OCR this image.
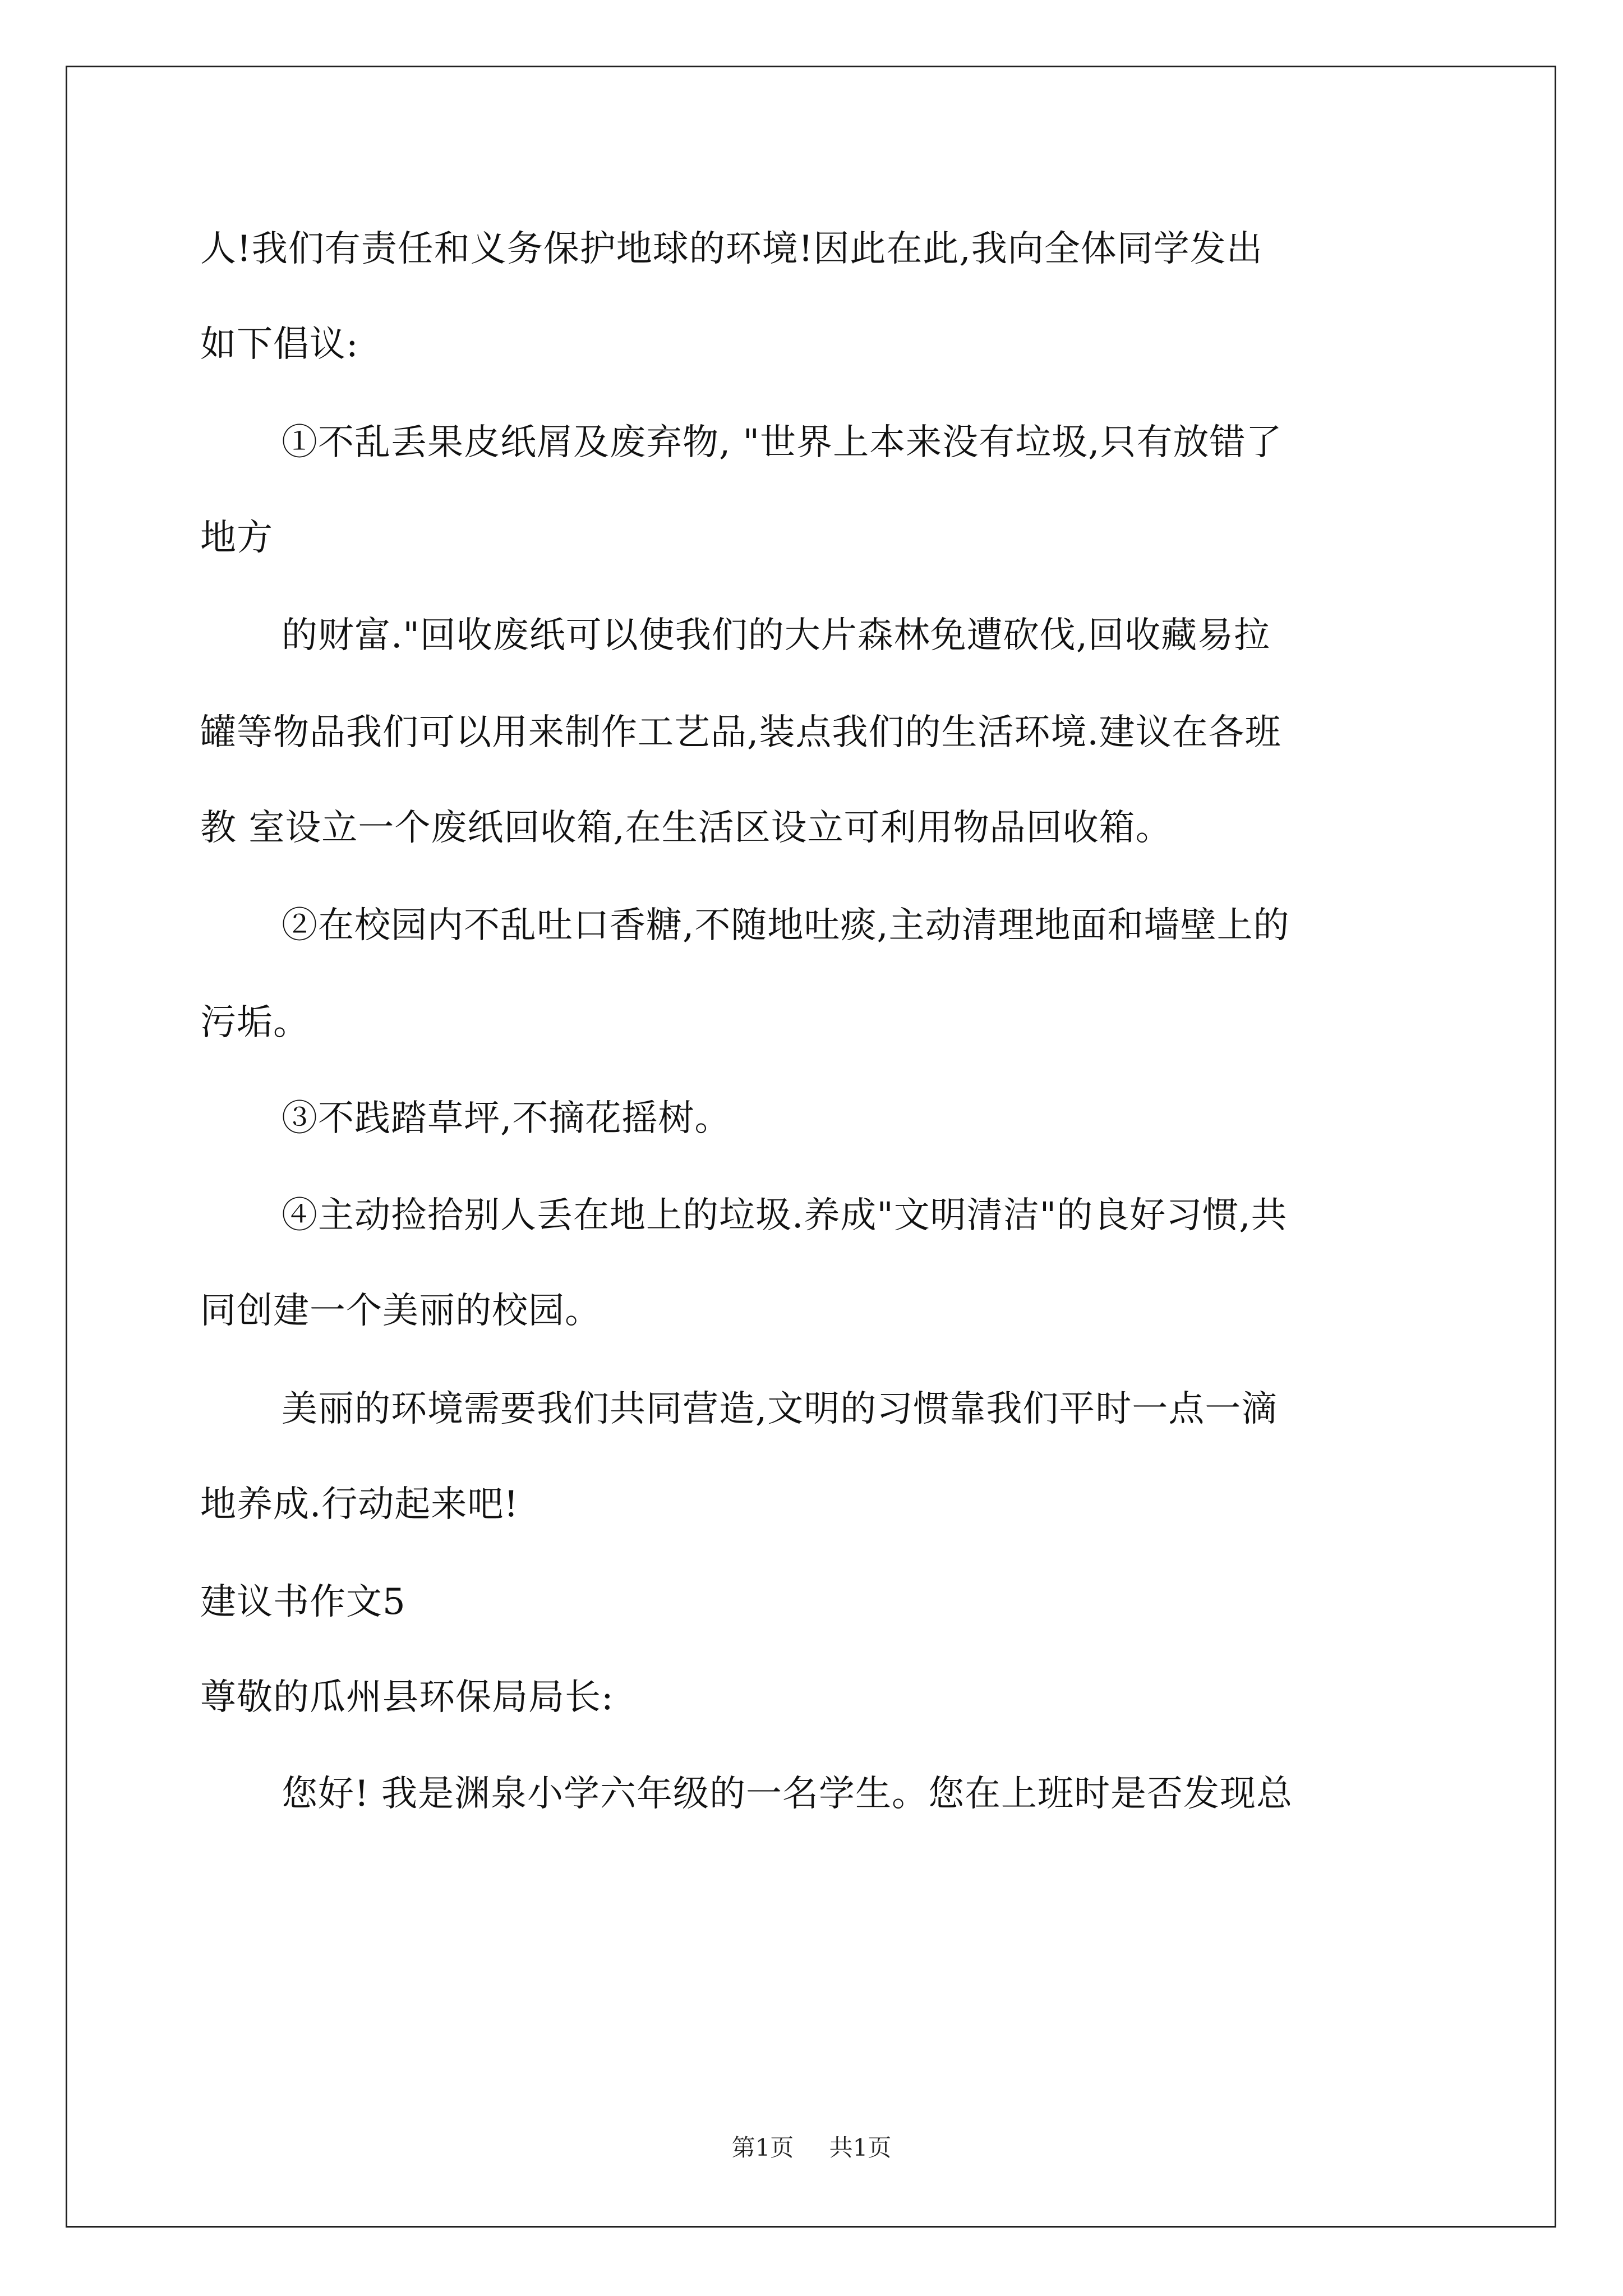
人!我们有责任和义务保护地球的环境!因此在此,我向全体同学发出
如下倡议:
①不乱丢果皮纸屑及废弃物, "世界上本来没有垃圾,只有放错了
地方
的财富."回收废纸可以使我们的大片森林免遭砍伐,回收藏易拉
罐等物品我们可以用来制作工艺品,装点我们的生活环境.建议在各班
教 室设立一个废纸回收箱,在生活区设立可利用物品回收箱。
②在校园内不乱吐口香糖,不随地吐痰,主动清理地面和墙壁上的
污垢。
③不践踏草坪,不摘花摇树。
④主动捡拾别人丢在地上的垃圾.养成"文明清洁"的良好习惯,共
同创建一个美丽的校园。
美丽的环境需要我们共同营造,文明的习惯靠我们平时一点一滴
地养成.行动起来吧!
建议书作文5
尊敬的瓜州县环保局局长:
您好! 我是渊泉小学六年级的一名学生。您在上班时是否发现总
第1页 共1页
